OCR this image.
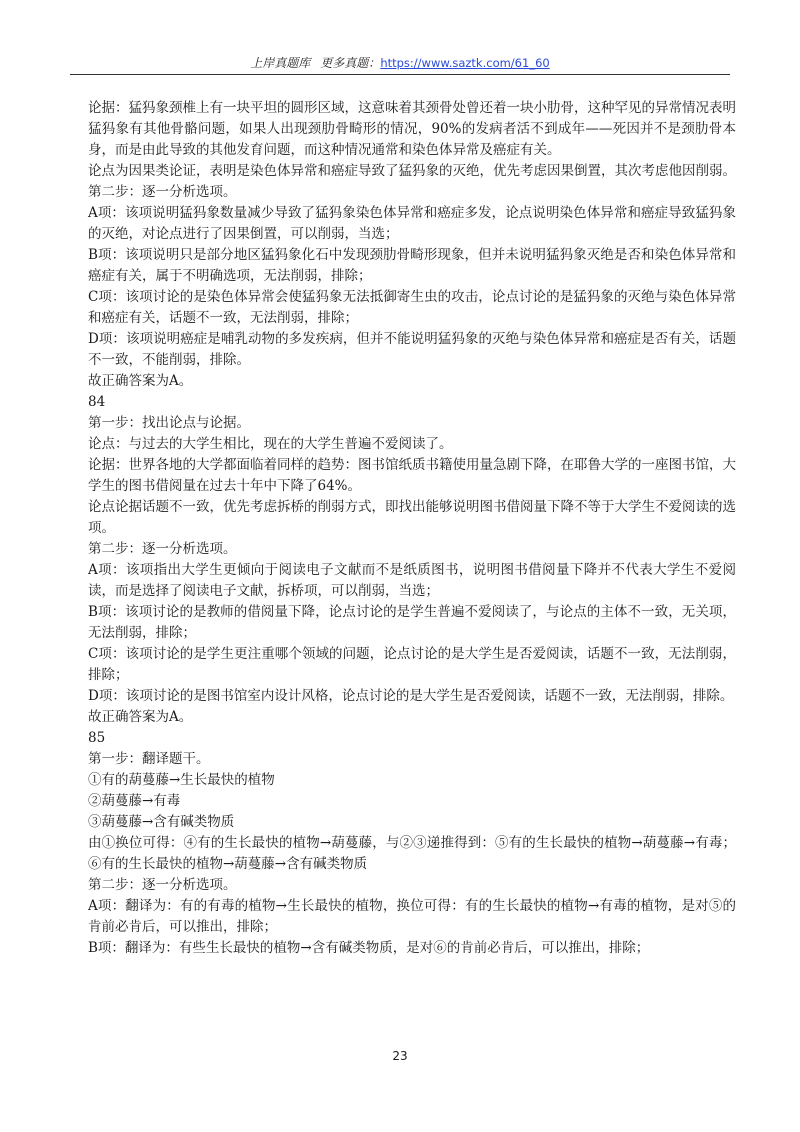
上岸真题库 更多真题：https://www.saztk.com/61_60

论据：猛犸象颈椎上有一块平坦的圆形区域，这意味着其颈骨处曾还着一块小肋骨，这种罕见的异常情况表明猛犸象有其他骨骼问题，如果人出现颈肋骨畸形的情况，90%的发病者活不到成年——死因并不是颈肋骨本身，而是由此导致的其他发育问题，而这种情况通常和染色体异常及癌症有关。

论点为因果类论证，表明是染色体异常和癌症导致了猛犸象的灭绝，优先考虑因果倒置，其次考虑他因削弱。

第二步：逐一分析选项。

A项：该项说明猛犸象数量减少导致了猛犸象染色体异常和癌症多发，论点说明染色体异常和癌症导致猛犸象的灭绝，对论点进行了因果倒置，可以削弱，当选；

B项：该项说明只是部分地区猛犸象化石中发现颈肋骨畸形现象，但并未说明猛犸象灭绝是否和染色体异常和癌症有关，属于不明确选项，无法削弱，排除；

C项：该项讨论的是染色体异常会使猛犸象无法抵御寄生虫的攻击，论点讨论的是猛犸象的灭绝与染色体异常和癌症有关，话题不一致，无法削弱，排除；

D项：该项说明癌症是哺乳动物的多发疾病，但并不能说明猛犸象的灭绝与染色体异常和癌症是否有关，话题不一致，不能削弱，排除。

故正确答案为A。

84

第一步：找出论点与论据。

论点：与过去的大学生相比，现在的大学生普遍不爱阅读了。

论据：世界各地的大学都面临着同样的趋势：图书馆纸质书籍使用量急剧下降，在耶鲁大学的一座图书馆，大学生的图书借阅量在过去十年中下降了64%。

论点论据话题不一致，优先考虑拆桥的削弱方式，即找出能够说明图书借阅量下降不等于大学生不爱阅读的选项。

第二步：逐一分析选项。

A项：该项指出大学生更倾向于阅读电子文献而不是纸质图书，说明图书借阅量下降并不代表大学生不爱阅读，而是选择了阅读电子文献，拆桥项，可以削弱，当选；

B项：该项讨论的是教师的借阅量下降，论点讨论的是学生普遍不爱阅读了，与论点的主体不一致，无关项，无法削弱，排除；

C项：该项讨论的是学生更注重哪个领域的问题，论点讨论的是大学生是否爱阅读，话题不一致，无法削弱，排除；

D项：该项讨论的是图书馆室内设计风格，论点讨论的是大学生是否爱阅读，话题不一致，无法削弱，排除。

故正确答案为A。

85

第一步：翻译题干。

①有的葫蔓藤→生长最快的植物

②葫蔓藤→有毒

③葫蔓藤→含有碱类物质

由①换位可得：④有的生长最快的植物→葫蔓藤，与②③递推得到：⑤有的生长最快的植物→葫蔓藤→有毒；⑥有的生长最快的植物→葫蔓藤→含有碱类物质

第二步：逐一分析选项。

A项：翻译为：有的有毒的植物→生长最快的植物，换位可得：有的生长最快的植物→有毒的植物，是对⑤的肯前必肯后，可以推出，排除；

B项：翻译为：有些生长最快的植物→含有碱类物质，是对⑥的肯前必肯后，可以推出，排除；

23
